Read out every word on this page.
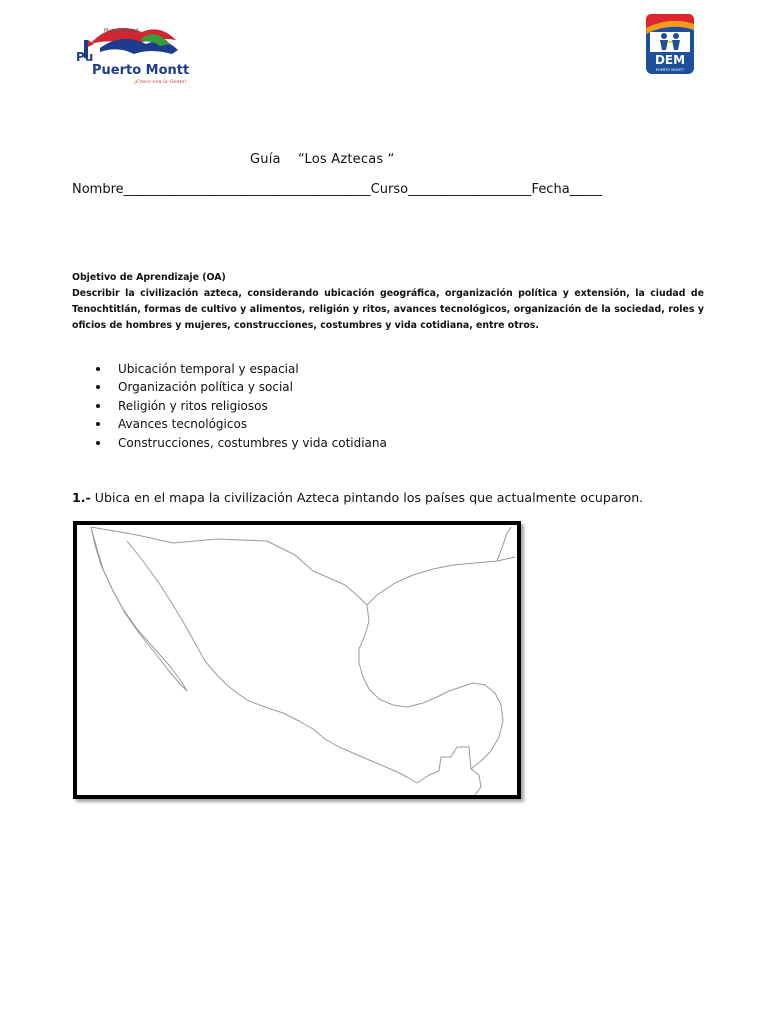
Municipalidad
Pu
Puerto Montt
¡Crece con la Gente!
DEM
PUERTO MONTT
Guía    “Los Aztecas “
Nombre______________________________________Curso___________________Fecha_____
Objetivo de Aprendizaje (OA)
Describir la civilización azteca, considerando ubicación geográfica, organización política y extensión, la ciudad de Tenochtitlán, formas de cultivo y alimentos, religión y ritos, avances tecnológicos, organización de la sociedad, roles y oficios de hombres y mujeres, construcciones, costumbres y vida cotidiana, entre otros.
Ubicación temporal y espacial
Organización política y social
Religión y ritos religiosos
Avances tecnológicos
Construcciones, costumbres y vida cotidiana
1.- Ubica en el mapa la civilización Azteca pintando los países que actualmente ocuparon.
